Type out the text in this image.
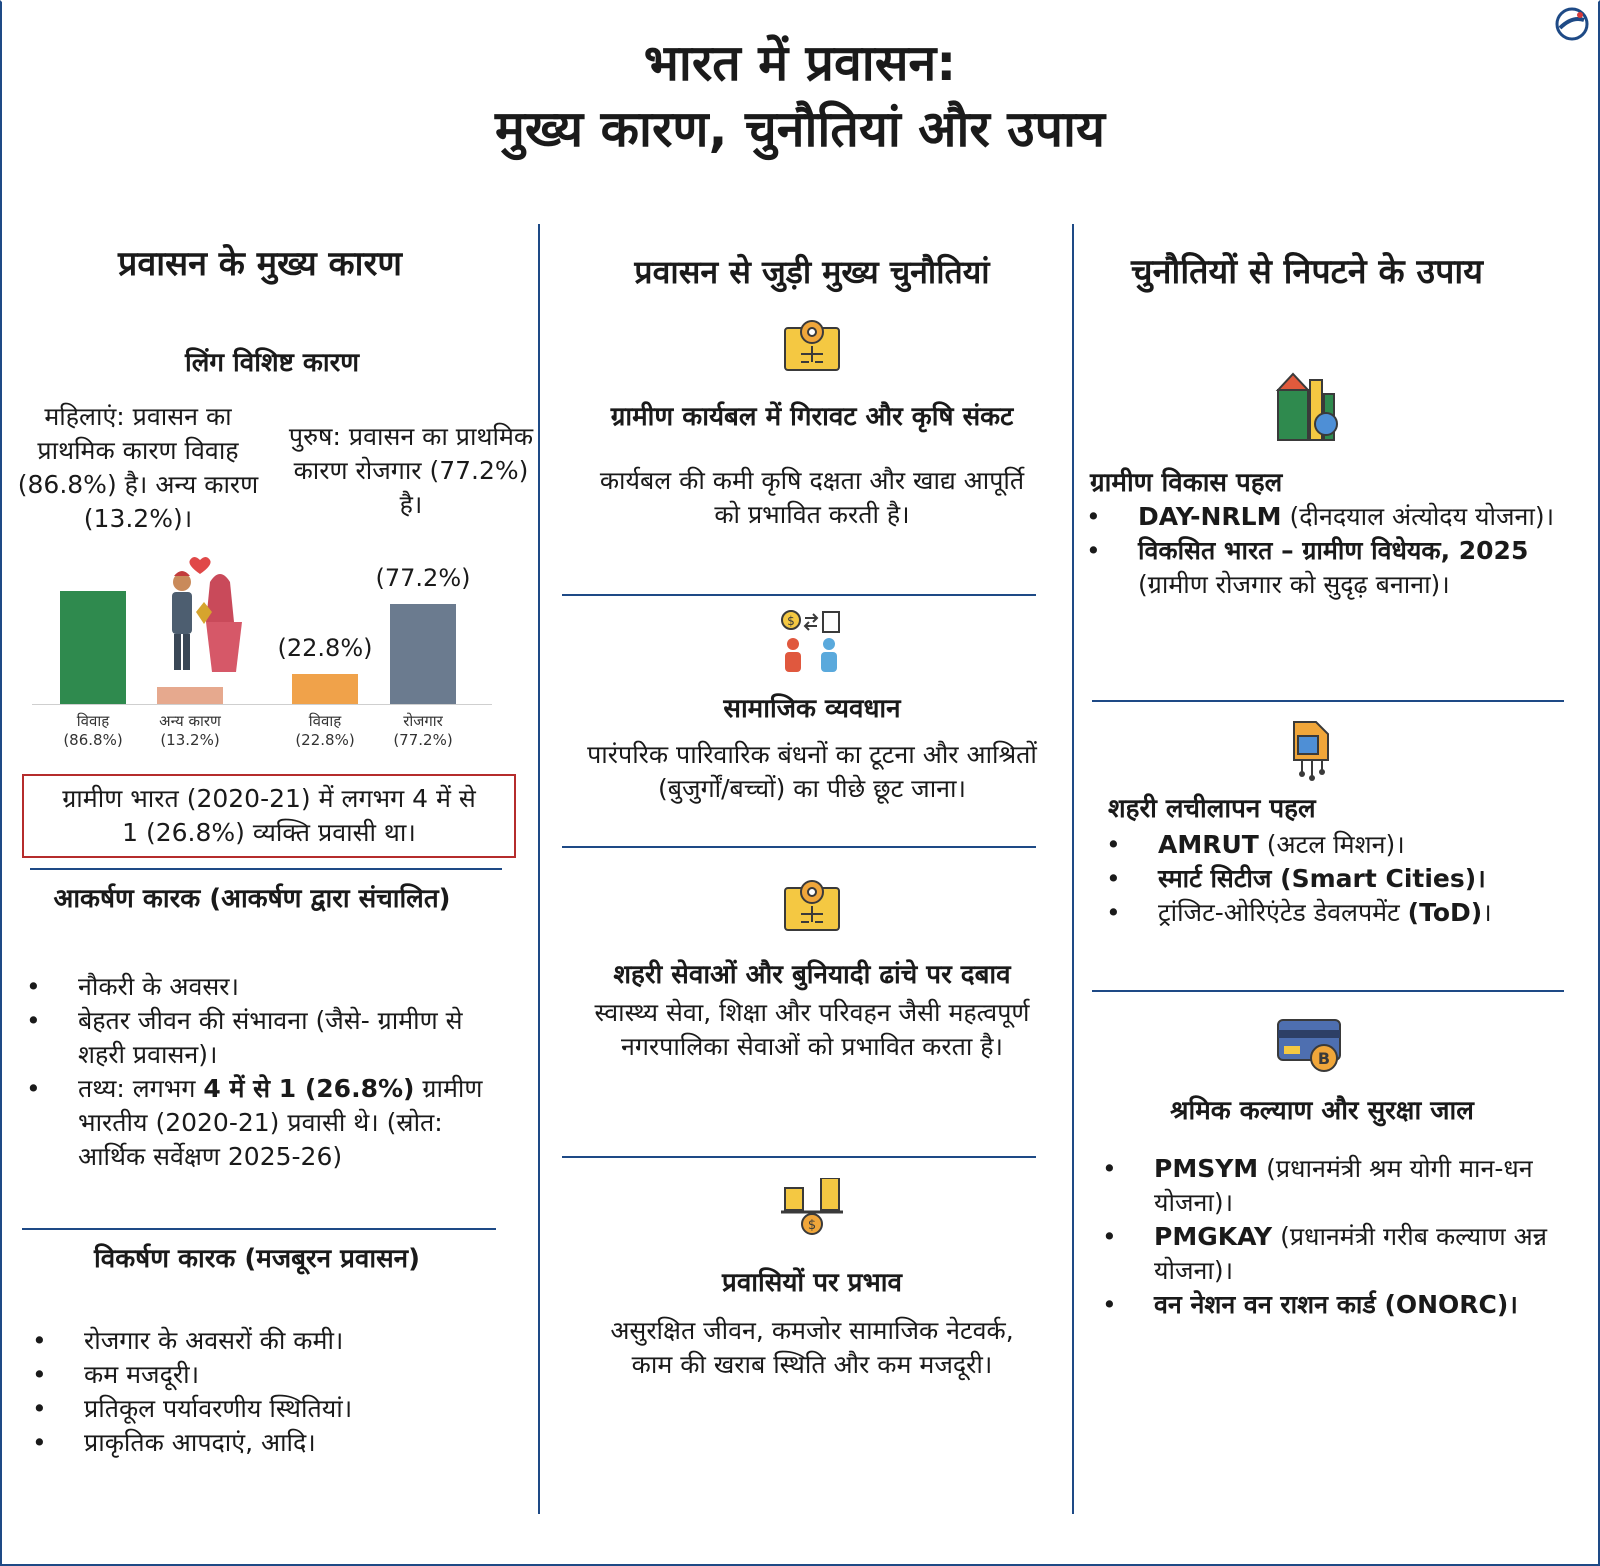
भारत में प्रवासन:
मुख्य कारण, चुनौतियां और उपाय
प्रवासन के मुख्य कारण
लिंग विशिष्ट कारण
महिलाएं: प्रवासन का प्राथमिक कारण विवाह (86.8%) है। अन्य कारण (13.2%)।
पुरुष: प्रवासन का प्राथमिक कारण रोजगार (77.2%) है।
(22.8%)
(77.2%)
विवाह
(86.8%)
अन्य कारण
(13.2%)
विवाह
(22.8%)
रोजगार
(77.2%)
ग्रामीण भारत (2020-21) में लगभग 4 में से 1 (26.8%) व्यक्ति प्रवासी था।
आकर्षण कारक (आकर्षण द्वारा संचालित)
• नौकरी के अवसर।
• बेहतर जीवन की संभावना (जैसे- ग्रामीण से शहरी प्रवासन)।
• तथ्य: लगभग 4 में से 1 (26.8%) ग्रामीण भारतीय (2020-21) प्रवासी थे। (स्रोत: आर्थिक सर्वेक्षण 2025-26)
विकर्षण कारक (मजबूरन प्रवासन)
• रोजगार के अवसरों की कमी।
• कम मजदूरी।
• प्रतिकूल पर्यावरणीय स्थितियां।
• प्राकृतिक आपदाएं, आदि।
प्रवासन से जुड़ी मुख्य चुनौतियां
ग्रामीण कार्यबल में गिरावट और कृषि संकट
कार्यबल की कमी कृषि दक्षता और खाद्य आपूर्ति को प्रभावित करती है।
$
सामाजिक व्यवधान
पारंपरिक पारिवारिक बंधनों का टूटना और आश्रितों (बुजुर्गों/बच्चों) का पीछे छूट जाना।
शहरी सेवाओं और बुनियादी ढांचे पर दबाव
स्वास्थ्य सेवा, शिक्षा और परिवहन जैसी महत्वपूर्ण नगरपालिका सेवाओं को प्रभावित करता है।
$
प्रवासियों पर प्रभाव
असुरक्षित जीवन, कमजोर सामाजिक नेटवर्क, काम की खराब स्थिति और कम मजदूरी।
चुनौतियों से निपटने के उपाय
ग्रामीण विकास पहल
• DAY-NRLM (दीनदयाल अंत्योदय योजना)।
• विकसित भारत – ग्रामीण विधेयक, 2025 (ग्रामीण रोजगार को सुदृढ़ बनाना)।
शहरी लचीलापन पहल
• AMRUT (अटल मिशन)।
• स्मार्ट सिटीज (Smart Cities)।
• ट्रांजिट-ओरिएंटेड डेवलपमेंट (ToD)।
B
श्रमिक कल्याण और सुरक्षा जाल
• PMSYM (प्रधानमंत्री श्रम योगी मान-धन योजना)।
• PMGKAY (प्रधानमंत्री गरीब कल्याण अन्न योजना)।
• वन नेशन वन राशन कार्ड (ONORC)।
